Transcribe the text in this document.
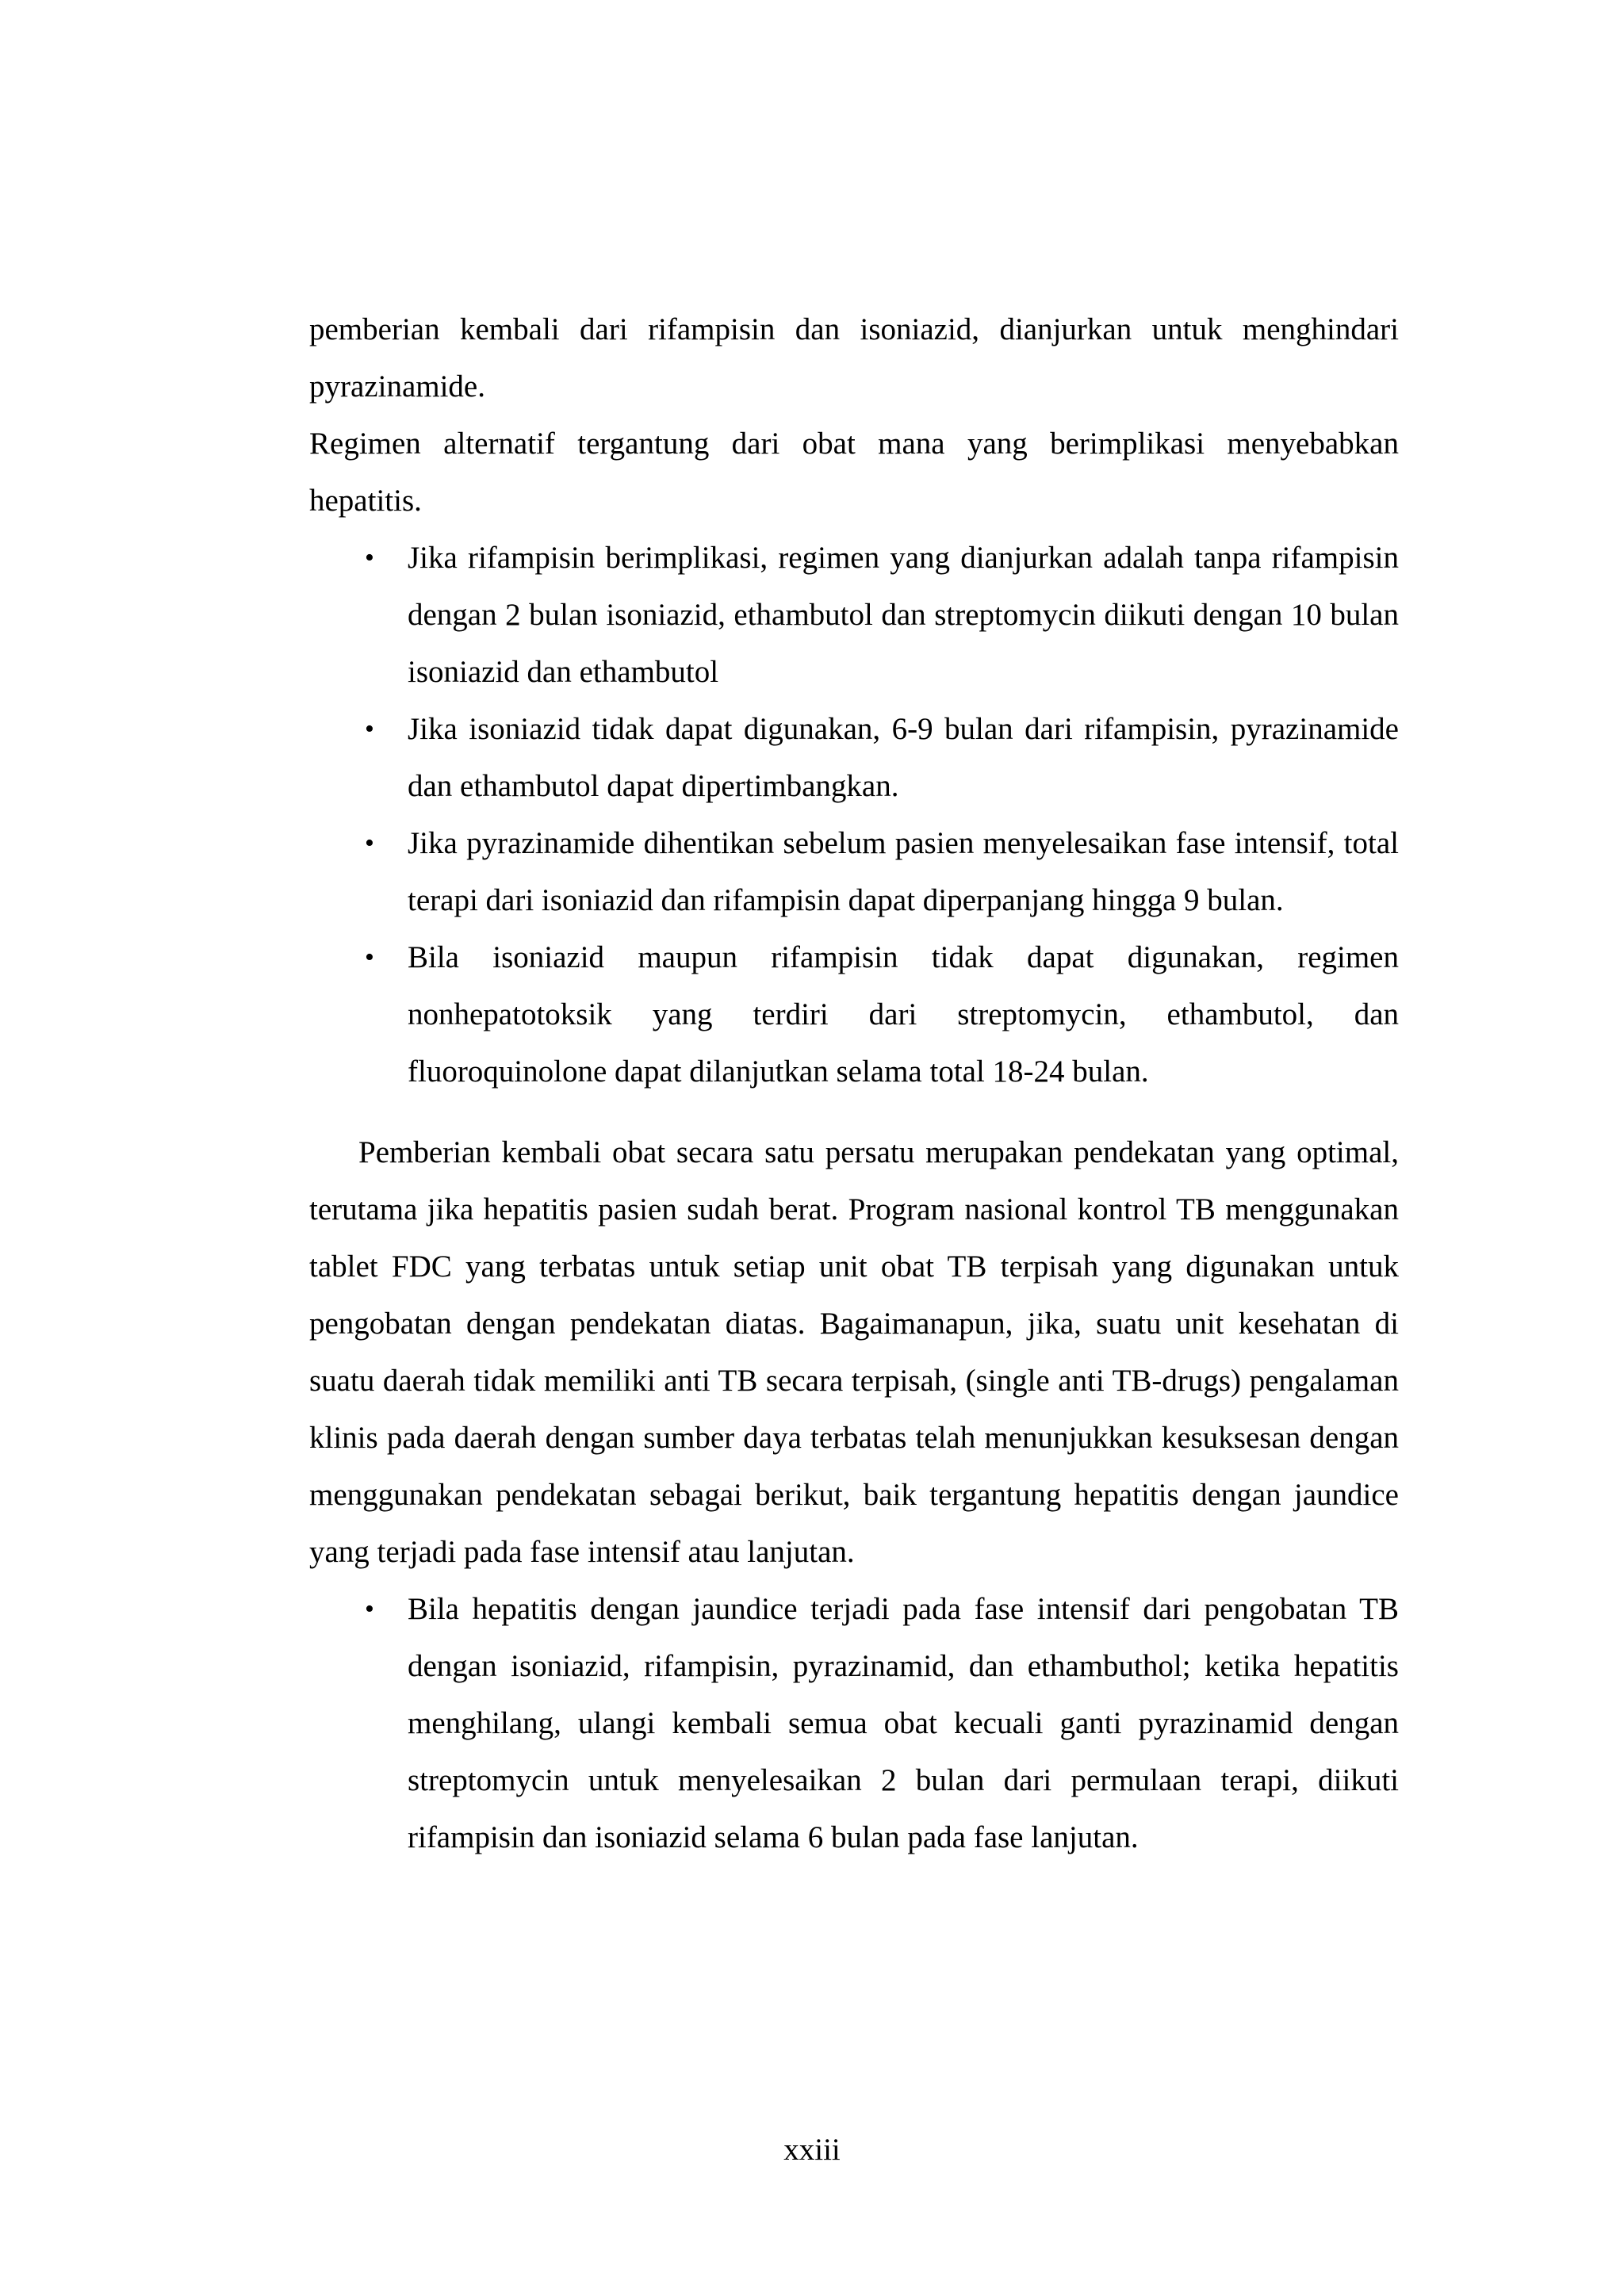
pemberian kembali dari rifampisin dan isoniazid, dianjurkan untuk menghindari pyrazinamide.

Regimen alternatif tergantung dari obat mana yang berimplikasi menyebabkan hepatitis.

• Jika rifampisin berimplikasi, regimen yang dianjurkan adalah tanpa rifampisin dengan 2 bulan isoniazid, ethambutol dan streptomycin diikuti dengan 10 bulan isoniazid dan ethambutol
• Jika isoniazid tidak dapat digunakan, 6-9 bulan dari rifampisin, pyrazinamide dan ethambutol dapat dipertimbangkan.
• Jika pyrazinamide dihentikan sebelum pasien menyelesaikan fase intensif, total terapi dari isoniazid dan rifampisin dapat diperpanjang hingga 9 bulan.
• Bila isoniazid maupun rifampisin tidak dapat digunakan, regimen nonhepatotoksik yang terdiri dari streptomycin, ethambutol, dan fluoroquinolone dapat dilanjutkan selama total 18-24 bulan.

Pemberian kembali obat secara satu persatu merupakan pendekatan yang optimal, terutama jika hepatitis pasien sudah berat. Program nasional kontrol TB menggunakan tablet FDC yang terbatas untuk setiap unit obat TB terpisah yang digunakan untuk pengobatan dengan pendekatan diatas. Bagaimanapun, jika, suatu unit kesehatan di suatu daerah tidak memiliki anti TB secara terpisah, (single anti TB-drugs) pengalaman klinis pada daerah dengan sumber daya terbatas telah menunjukkan kesuksesan dengan menggunakan pendekatan sebagai berikut, baik tergantung hepatitis dengan jaundice yang terjadi pada fase intensif atau lanjutan.

• Bila hepatitis dengan jaundice terjadi pada fase intensif dari pengobatan TB dengan isoniazid, rifampisin, pyrazinamid, dan ethambuthol; ketika hepatitis menghilang, ulangi kembali semua obat kecuali ganti pyrazinamid dengan streptomycin untuk menyelesaikan 2 bulan dari permulaan terapi, diikuti rifampisin dan isoniazid selama 6 bulan pada fase lanjutan.
xxiii
